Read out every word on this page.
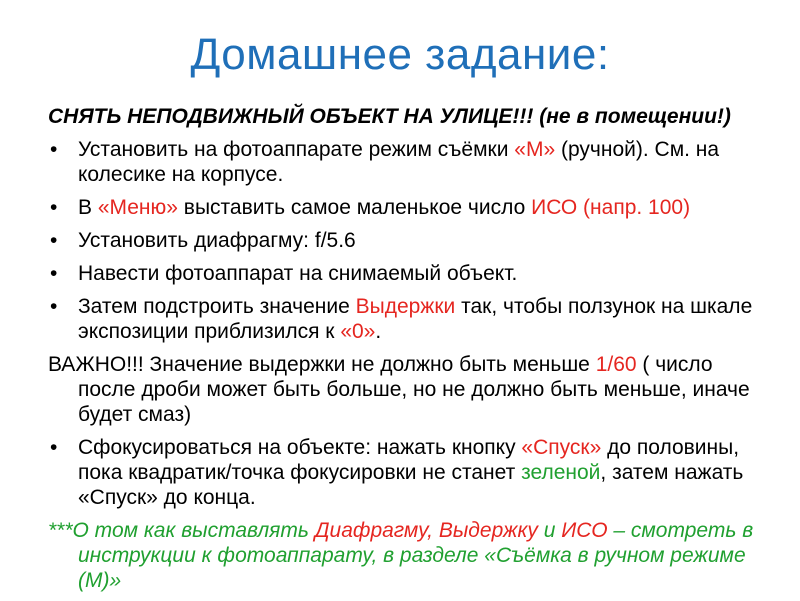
Домашнее задание:
СНЯТЬ НЕПОДВИЖНЫЙ ОБЪЕКТ НА УЛИЦЕ!!! (не в помещении!)
• Установить на фотоаппарате режим съёмки «М» (ручной). См. на колесике на корпусе.
• В «Меню» выставить самое маленькое число ИСО (напр. 100)
• Установить диафрагму: f/5.6
• Навести фотоаппарат на снимаемый объект.
• Затем подстроить значение Выдержки так, чтобы ползунок на шкале экспозиции приблизился к «0».
ВАЖНО!!! Значение выдержки не должно быть меньше 1/60 ( число после дроби может быть больше, но не должно быть меньше, иначе будет смаз)
• Сфокусироваться на объекте: нажать кнопку «Спуск» до половины, пока квадратик/точка фокусировки не станет зеленой, затем нажать «Спуск» до конца.
***О том как выставлять Диафрагму, Выдержку и ИСО – смотреть в инструкции к фотоаппарату, в разделе «Съёмка в ручном режиме (М)»
